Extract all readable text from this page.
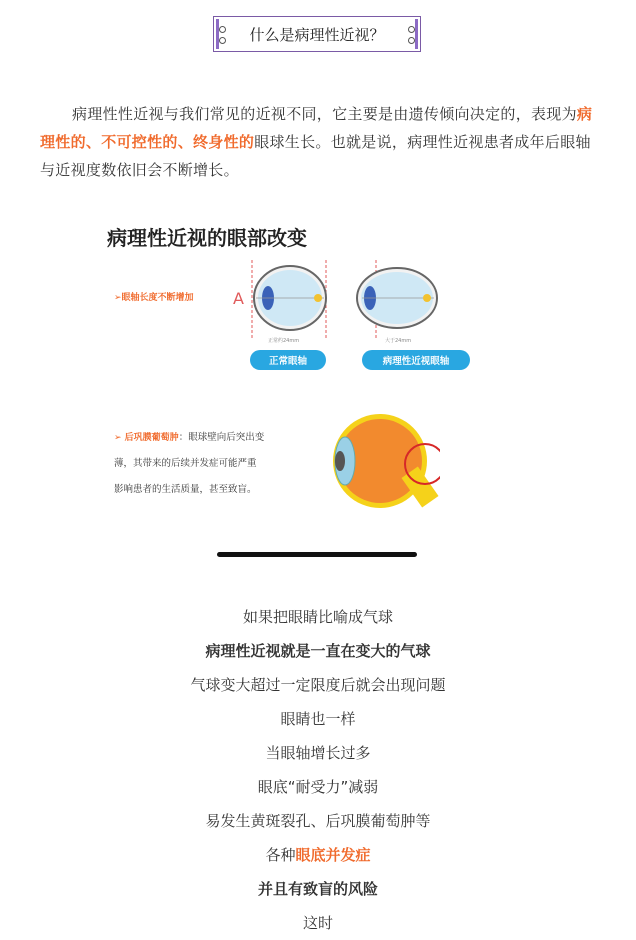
什么是病理性近视？

病理性性近视与我们常见的近视不同，它主要是由遗传倾向决定的，表现为病理性的、不可控性的、终身性的眼球生长。也就是说，病理性近视患者成年后眼轴与近视度数依旧会不断增长。

病理性近视的眼部改变
➢眼轴长度不断增加 A
正常约24mm	大于24mm
正常眼轴	病理性近视眼轴
➢ 后巩膜葡萄肿：眼球壁向后突出变
薄，其带来的后续并发症可能严重
影响患者的生活质量，甚至致盲。
如果把眼睛比喻成气球
病理性近视就是一直在变大的气球
气球变大超过一定限度后就会出现问题
眼睛也一样
当眼轴增长过多
眼底“耐受力”减弱
易发生黄斑裂孔、后巩膜葡萄肿等
各种眼底并发症
并且有致盲的风险
这时
